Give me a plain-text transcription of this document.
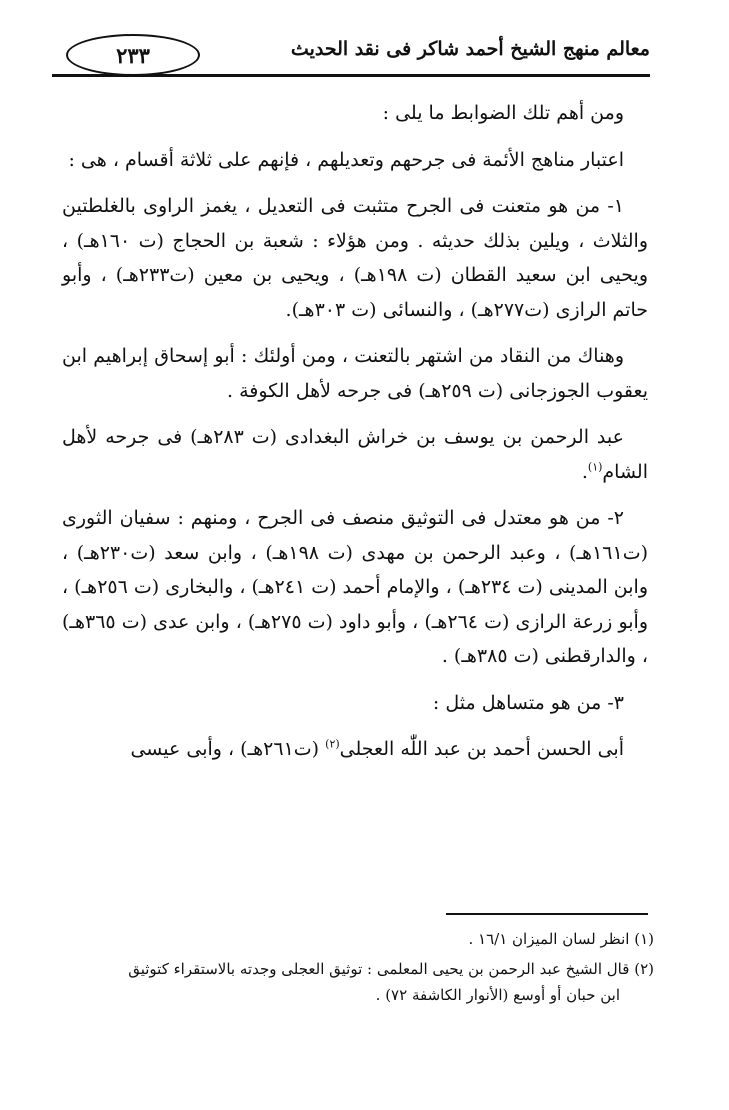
٢٣٣	معالم منهج الشيخ أحمد شاكر فى نقد الحديث

ومن أهم تلك الضوابط ما يلى :

اعتبار مناهج الأئمة فى جرحهم وتعديلهم ، فإنهم على ثلاثة أقسام ، هى :

١- من هو متعنت فى الجرح متثبت فى التعديل ، يغمز الراوى بالغلطتين والثلاث ، ويلين بذلك حديثه . ومن هؤلاء : شعبة بن الحجاج (ت ١٦٠هـ) ، ويحيى ابن سعيد القطان (ت ١٩٨هـ) ، ويحيى بن معين (ت٢٣٣هـ) ، وأبو حاتم الرازى (ت٢٧٧هـ) ، والنسائى (ت ٣٠٣هـ).

وهناك من النقاد من اشتهر بالتعنت ، ومن أولئك : أبو إسحاق إبراهيم ابن يعقوب الجوزجانى (ت ٢٥٩هـ) فى جرحه لأهل الكوفة .

عبد الرحمن بن يوسف بن خراش البغدادى (ت ٢٨٣هـ) فى جرحه لأهل الشام$^{(١)}$.

٢- من هو معتدل فى التوثيق منصف فى الجرح ، ومنهم : سفيان الثورى (ت١٦١هـ) ، وعبد الرحمن بن مهدى (ت ١٩٨هـ) ، وابن سعد (ت٢٣٠هـ) ، وابن المدينى (ت ٢٣٤هـ) ، والإمام أحمد (ت ٢٤١هـ) ، والبخارى (ت ٢٥٦هـ) ، وأبو زرعة الرازى (ت ٢٦٤هـ) ، وأبو داود (ت ٢٧٥هـ) ، وابن عدى (ت ٣٦٥هـ) ، والدارقطنى (ت ٣٨٥هـ) .

٣- من هو متساهل مثل :

أبى الحسن أحمد بن عبد اللّٰه العجلى$^{(٢)}$ (ت٢٦١هـ) ، وأبى عيسى

(١) انظر لسان الميزان ١٦/١ .
(٢) قال الشيخ عبد الرحمن بن يحيى المعلمى : توثيق العجلى وجدته بالاستقراء كتوثيق
ابن حبان أو أوسع (الأنوار الكاشفة ٧٢) .
